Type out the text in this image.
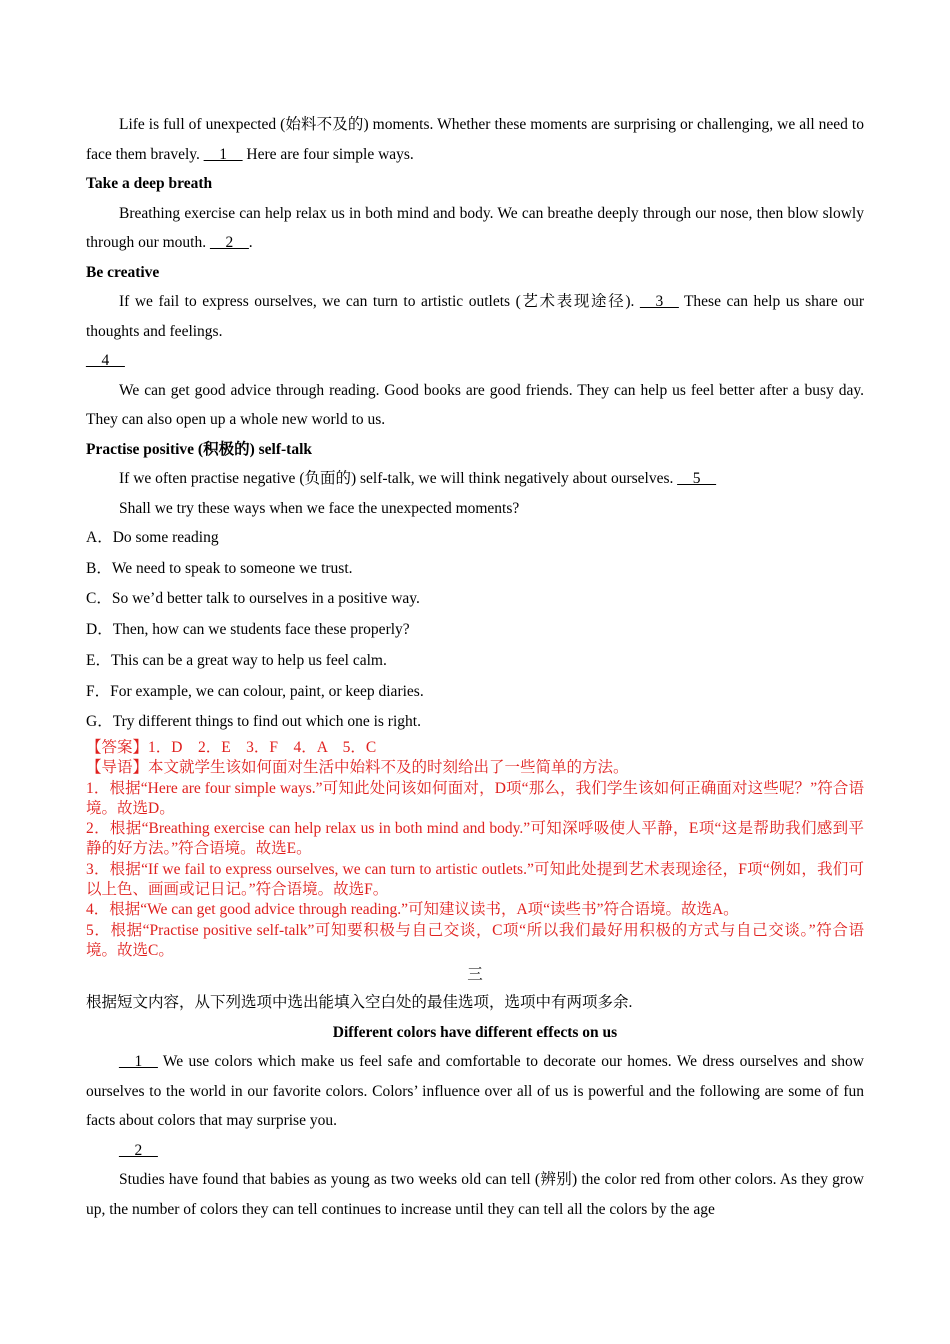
Life is full of unexpected (始料不及的) moments. Whether these moments are surprising or challenging, we all need to face them bravely. __1__ Here are four simple ways.

Take a deep breath

Breathing exercise can help relax us in both mind and body. We can breathe deeply through our nose, then blow slowly through our mouth. __2__.

Be creative

If we fail to express ourselves, we can turn to artistic outlets (艺术表现途径). __3__ These can help us share our thoughts and feelings.

__4__

We can get good advice through reading. Good books are good friends. They can help us feel better after a busy day. They can also open up a whole new world to us.

Practise positive (积极的) self-talk

If we often practise negative (负面的) self-talk, we will think negatively about ourselves. __5__

Shall we try these ways when we face the unexpected moments?

A．Do some reading

B．We need to speak to someone we trust.

C．So we’d better talk to ourselves in a positive way.

D．Then, how can we students face these properly?

E．This can be a great way to help us feel calm.

F．For example, we can colour, paint, or keep diaries.

G．Try different things to find out which one is right.

【答案】1．D　2．E　3．F　4．A　5．C

【导语】本文就学生该如何面对生活中始料不及的时刻给出了一些简单的方法。

1．根据“Here are four simple ways.”可知此处问该如何面对，D项“那么，我们学生该如何正确面对这些呢？”符合语境。故选D。

2．根据“Breathing exercise can help relax us in both mind and body.”可知深呼吸使人平静，E项“这是帮助我们感到平静的好方法。”符合语境。故选E。

3．根据“If we fail to express ourselves, we can turn to artistic outlets.”可知此处提到艺术表现途径，F项“例如，我们可以上色、画画或记日记。”符合语境。故选F。

4．根据“We can get good advice through reading.”可知建议读书，A项“读些书”符合语境。故选A。

5．根据“Practise positive self-talk”可知要积极与自己交谈，C项“所以我们最好用积极的方式与自己交谈。”符合语境。故选C。

三

根据短文内容，从下列选项中选出能填入空白处的最佳选项，选项中有两项多余.

Different colors have different effects on us

__1__ We use colors which make us feel safe and comfortable to decorate our homes. We dress ourselves and show ourselves to the world in our favorite colors. Colors’ influence over all of us is powerful and the following are some of fun facts about colors that may surprise you.

__2__

Studies have found that babies as young as two weeks old can tell (辨别) the color red from other colors. As they grow up, the number of colors they can tell continues to increase until they can tell all the colors by the age
